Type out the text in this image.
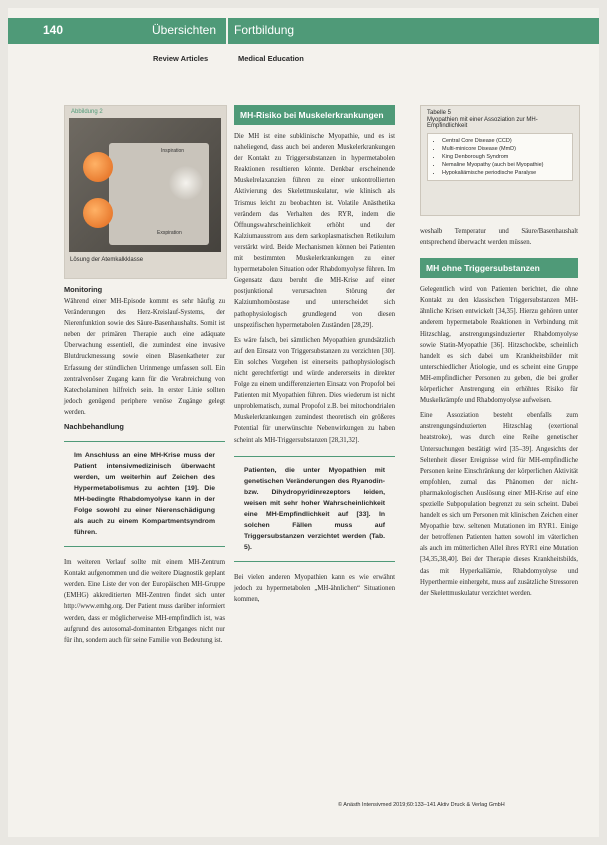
140	Übersichten Fortbildung
Review Articles	Medical Education
Abbildung 2
Inspiration
Exspiration
Lösung der Atemkalkklasse
Monitoring
Während einer MH-Episode kommt es sehr häufig zu Veränderungen des Herz-Kreislauf-Systems, der Nierenfunktion sowie des Säure-Basenhaushalts. Somit ist neben der primären Therapie auch eine adäquate Überwachung essentiell, die zumindest eine invasive Blutdruckmessung sowie einen Blasenkatheter zur Erfassung der stündlichen Urinmenge umfassen soll. Ein zentralvenöser Zugang kann für die Verabreichung von Katecholaminen hilfreich sein. In erster Linie sollten jedoch genügend periphere venöse Zugänge gelegt werden.
Nachbehandlung
Im Anschluss an eine MH-Krise muss der Patient intensivmedizinisch überwacht werden, um weiterhin auf Zeichen des Hypermetabolismus zu achten [19]. Die MH-bedingte Rhabdomyolyse kann in der Folge sowohl zu einer Nierenschädigung als auch zu einem Kompartmentsyndrom führen.
Im weiteren Verlauf sollte mit einem MH-Zentrum Kontakt aufgenommen und die weitere Diagnostik geplant werden. Eine Liste der von der Europäischen MH-Gruppe (EMHG) akkreditierten MH-Zentren findet sich unter http://www.emhg.org. Der Patient muss darüber informiert werden, dass er möglicherweise MH-empfindlich ist, was aufgrund des autosomal-dominanten Erbganges nicht nur für ihn, sondern auch für seine Familie von Bedeutung ist.
MH-Risiko bei Muskelerkrankungen
Die MH ist eine subklinische Myopathie, und es ist naheliegend, dass auch bei anderen Muskelerkrankungen der Kontakt zu Triggersubstanzen in hypermetabolen Reaktionen resultieren könnte. Denkbar erscheinende Muskelrelaxanzien führen zu einer unkontrollierten Aktivierung des Skelettmuskulatur, wie klinisch als Trismus leicht zu beobachten ist. Volatile Anästhetika verändern das Verhalten des RYR, indem die Öffnungswahrscheinlichkeit erhöht und der Kalziumausstrom aus dem sarkoplasmatischen Retikulum verstärkt wird. Beide Mechanismen können bei Patienten mit bestimmten Muskelerkrankungen zu einer hypermetabolen Situation oder Rhabdomyolyse führen. Im Gegensatz dazu beruht die MH-Krise auf einer postjunktional verursachten Störung der Kalziumhomöostase und unterscheidet sich pathophysiologisch grundlegend von diesen unspezifischen hypermetabolen Zuständen [28,29].
Es wäre falsch, bei sämtlichen Myopathien grundsätzlich auf den Einsatz von Triggersubstanzen zu verzichten [30]. Ein solches Vorgehen ist einerseits pathophysiologisch nicht gerechtfertigt und würde andererseits in direkter Folge zu einem undifferenzierten Einsatz von Propofol bei Patienten mit Myopathien führen. Dies wiederum ist nicht unproblematisch, zumal Propofol z.B. bei mitochondrialen Muskelerkrankungen zumindest theoretisch ein größeres Potential für unerwünschte Nebenwirkungen zu haben scheint als MH-Triggersubstanzen [28,31,32].
Patienten, die unter Myopathien mit genetischen Veränderungen des Ryanodin- bzw. Dihydropyridinrezeptors leiden, weisen mit sehr hoher Wahrscheinlichkeit eine MH-Empfindlichkeit auf [33]. In solchen Fällen muss auf Triggersubstanzen verzichtet werden (Tab. 5).
Bei vielen anderen Myopathien kann es wie erwähnt jedoch zu hypermetabolen „MH-ähnlichen“ Situationen kommen,
Tabelle 5
Myopathien mit einer Assoziation zur MH-Empfindlichkeit
• Central Core Disease (CCD)
• Multi-minicore Disease (MmD)
• King Denborough Syndrom
• Nemaline Myopathy (auch bei Myopathie)
• Hypokaliämische periodische Paralyse
weshalb Temperatur und Säure/Basenhaushalt entsprechend überwacht werden müssen.
MH ohne Triggersubstanzen
Gelegentlich wird von Patienten berichtet, die ohne Kontakt zu den klassischen Triggersubstanzen MH-ähnliche Krisen entwickelt [34,35]. Hierzu gehören unter anderem hypermetabole Reaktionen in Verbindung mit Hitzschlag, anstrengungsinduzierter Rhabdomyolyse sowie Statin-Myopathie [36]. Hitzschockbe, scheinlich handelt es sich dabei um Krankheitsbilder mit unterschiedlicher Ätiologie, und es scheint eine Gruppe MH-empfindlicher Personen zu geben, die bei großer körperlicher Anstrengung ein erhöhtes Risiko für Muskelkrämpfe und Rhabdomyolyse aufweisen.
Eine Assoziation besteht ebenfalls zum anstrengungsinduzierten Hitzschlag (exertional heatstroke), was durch eine Reihe genetischer Untersuchungen bestätigt wird [35–39]. Angesichts der Seltenheit dieser Ereignisse wird für MH-empfindliche Personen keine Einschränkung der körperlichen Aktivität empfohlen, zumal das Phänomen der nicht-pharmakologischen Auslösung einer MH-Krise auf eine spezielle Subpopulation begrenzt zu sein scheint. Dabei handelt es sich um Personen mit klinischen Zeichen einer Myopathie bzw. seltenen Mutationen im RYR1. Einige der betroffenen Patienten hatten sowohl im väterlichen als auch im mütterlichen Allel ihres RYR1 eine Mutation [34,35,38,40]. Bei der Therapie dieses Krankheitsbilds, das mit Hyperkaliämie, Rhabdomyolyse und Hyperthermie einhergeht, muss auf zusätzliche Stressoren der Skelettmuskulatur verzichtet werden.
© Anästh Intensivmed 2019;60:133–141 Aktiv Druck & Verlag GmbH
